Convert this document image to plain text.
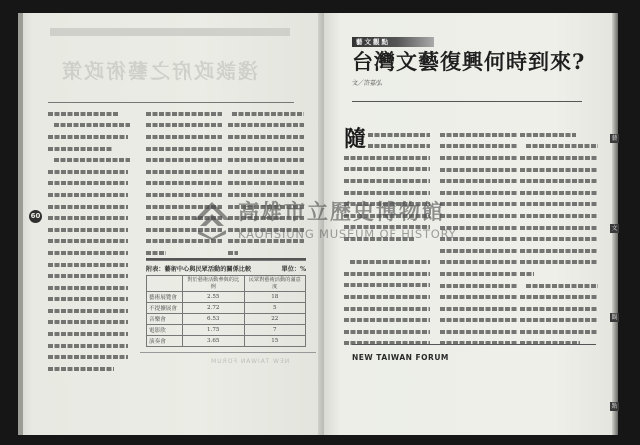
淺談政府之藝術政策
60
附表：藝術中心與民眾活動的關係比較	單位：%
	對於藝術活動參與的比例	民眾對藝術活動的滿意度
藝術展覽會	2.55	18
不提擴展會	2.72	5
音樂會	6.53	22
電影欣	1.75	7
演奏會	3.65	15
NEW TAIWAN FORUM
藝文觀點
台灣文藝復興何時到來?
文／許嘉弘
隨
NEW TAIWAN FORUM
藝
文
觀
點
高雄市立歷史博物館
KAOHSIUNG MUSEUM OF HISTORY
